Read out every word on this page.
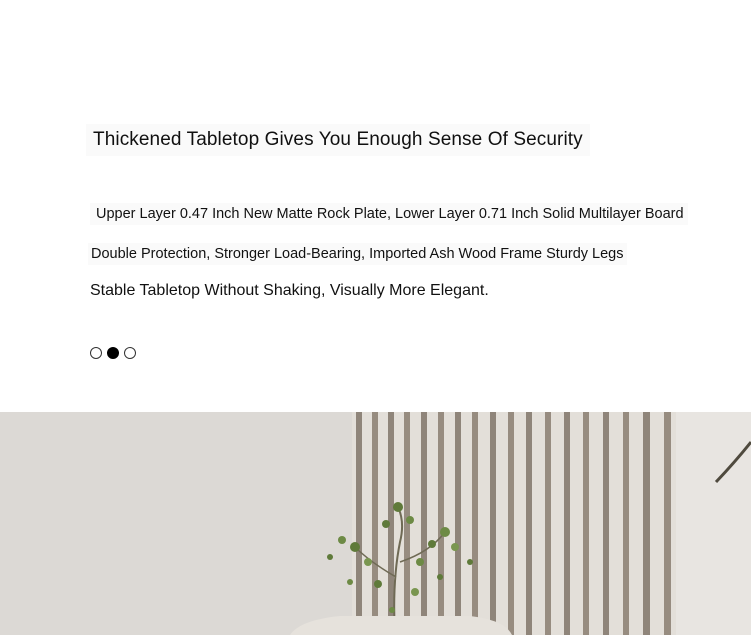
Thickened Tabletop Gives You Enough Sense Of Security
Upper Layer 0.47 Inch New Matte Rock Plate, Lower Layer 0.71 Inch Solid Multilayer Board
Double Protection, Stronger Load-Bearing, Imported Ash Wood Frame Sturdy Legs
Stable Tabletop Without Shaking, Visually More Elegant.
